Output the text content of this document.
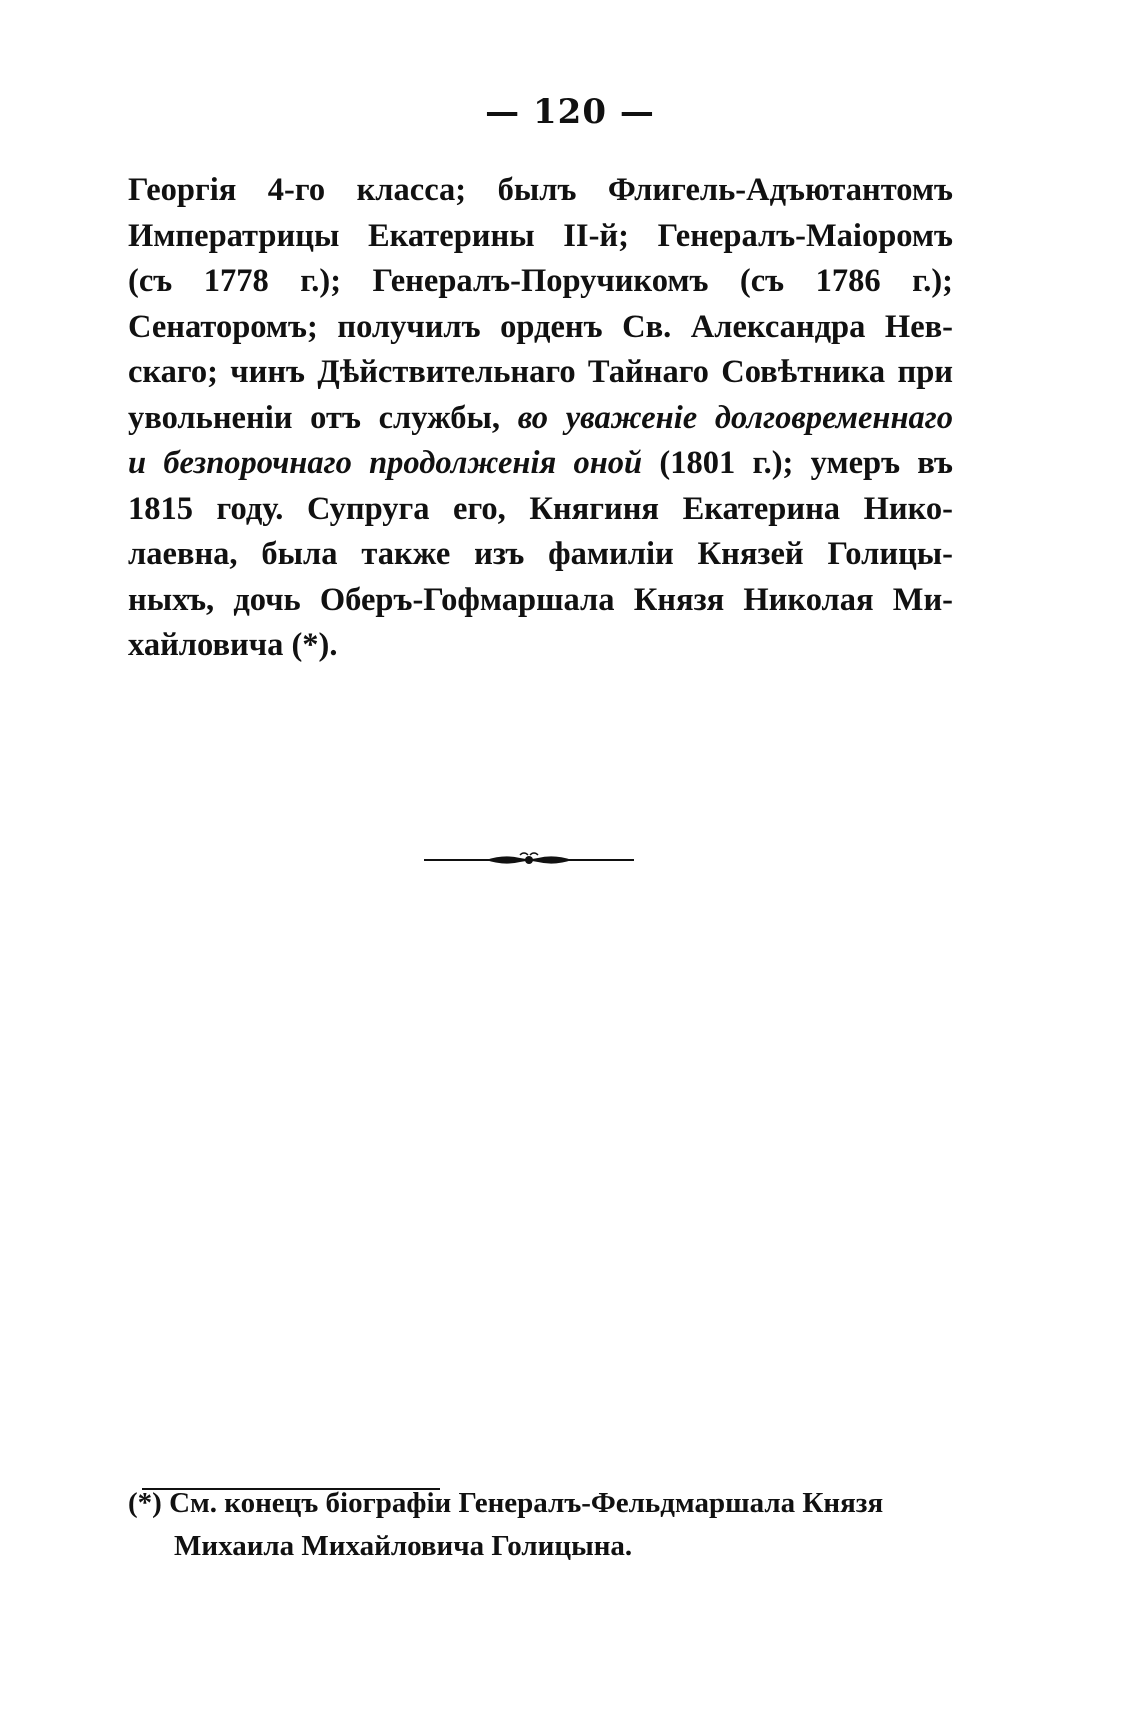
— 120 —
Георгія 4-го класса; былъ Флигель-Адъютантомъ
Императрицы Екатерины II-й; Генералъ-Маіоромъ
(съ 1778 г.); Генералъ-Поручикомъ (съ 1786 г.);
Сенаторомъ; получилъ орденъ Св. Александра Нев-
скаго; чинъ Дѣйствительнаго Тайнаго Совѣтника при
увольненіи отъ службы, во уваженіе долговременнаго
и безпорочнаго продолженія оной (1801 г.); умеръ въ
1815 году. Супруга его, Княгиня Екатерина Нико-
лаевна, была также изъ фамиліи Князей Голицы-
ныхъ, дочь Оберъ-Гофмаршала Князя Николая Ми-
хайловича (*).
(*) См. конецъ біографіи Генералъ-Фельдмаршала Князя
Михаила Михайловича Голицына.
